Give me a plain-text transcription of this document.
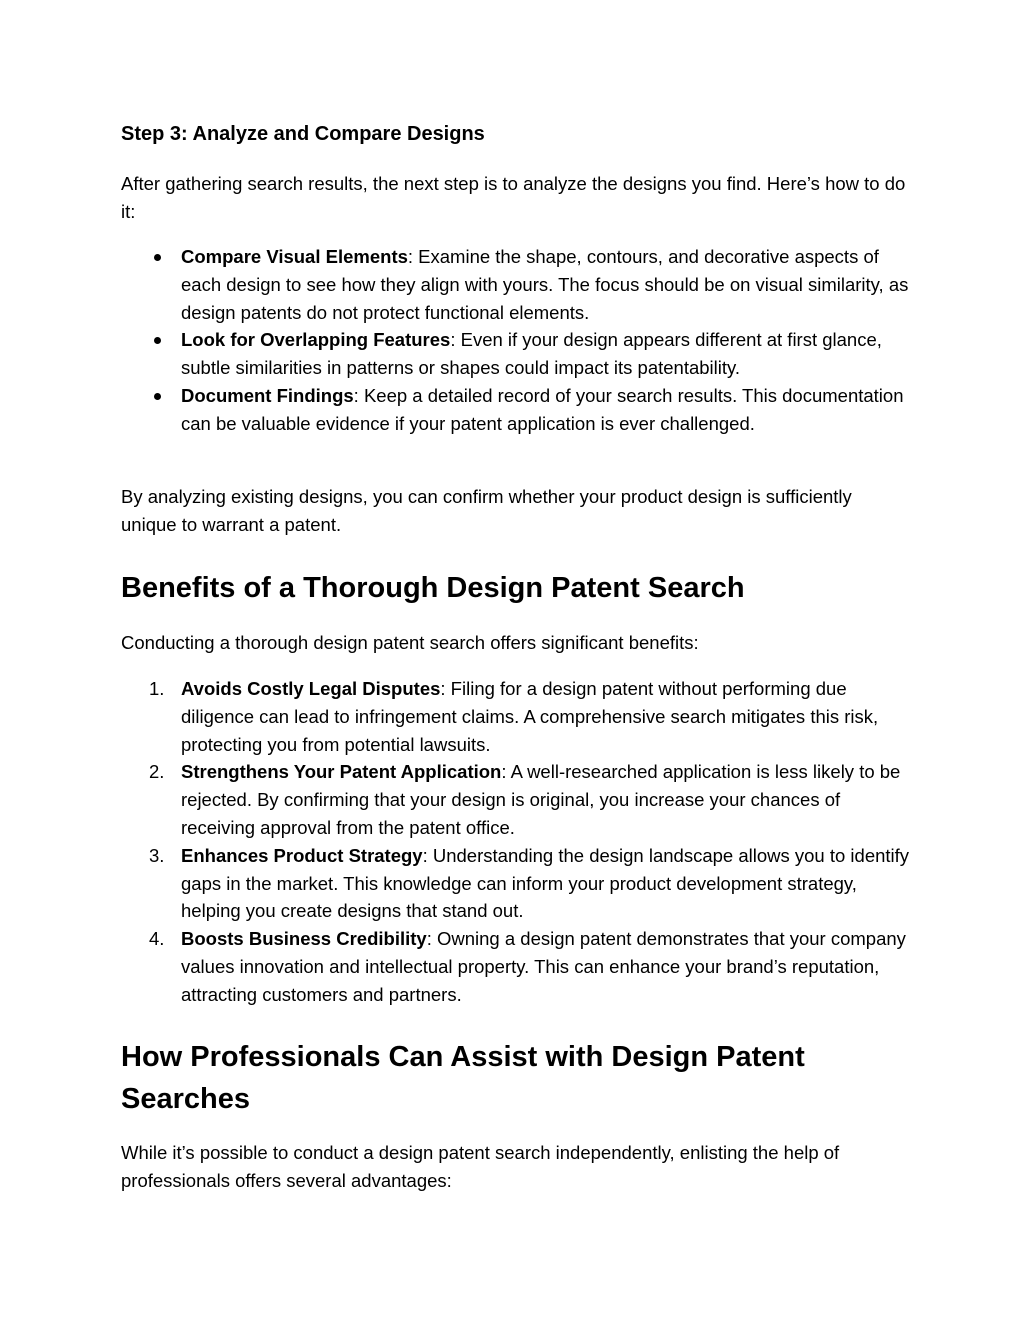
Step 3: Analyze and Compare Designs

After gathering search results, the next step is to analyze the designs you find. Here’s how to do it:

Compare Visual Elements: Examine the shape, contours, and decorative aspects of each design to see how they align with yours. The focus should be on visual similarity, as design patents do not protect functional elements.
Look for Overlapping Features: Even if your design appears different at first glance, subtle similarities in patterns or shapes could impact its patentability.
Document Findings: Keep a detailed record of your search results. This documentation can be valuable evidence if your patent application is ever challenged.

By analyzing existing designs, you can confirm whether your product design is sufficiently unique to warrant a patent.

Benefits of a Thorough Design Patent Search

Conducting a thorough design patent search offers significant benefits:

1. Avoids Costly Legal Disputes: Filing for a design patent without performing due diligence can lead to infringement claims. A comprehensive search mitigates this risk, protecting you from potential lawsuits.
2. Strengthens Your Patent Application: A well-researched application is less likely to be rejected. By confirming that your design is original, you increase your chances of receiving approval from the patent office.
3. Enhances Product Strategy: Understanding the design landscape allows you to identify gaps in the market. This knowledge can inform your product development strategy, helping you create designs that stand out.
4. Boosts Business Credibility: Owning a design patent demonstrates that your company values innovation and intellectual property. This can enhance your brand’s reputation, attracting customers and partners.
How Professionals Can Assist with Design Patent Searches

While it’s possible to conduct a design patent search independently, enlisting the help of professionals offers several advantages:
